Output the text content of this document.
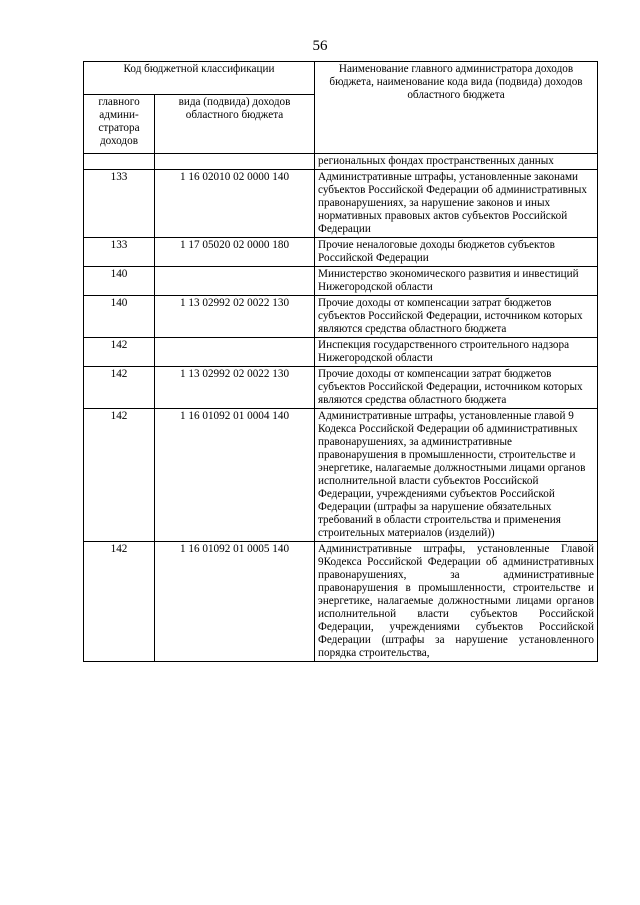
56
Код бюджетной классификации		Наименование главного администратора доходов бюджета, наименование кода вида (подвида) доходов областного бюджета
главного админи-стратора доходов	вида (подвида) доходов областного бюджета	
		региональных фондах пространственных данных
133	1 16 02010 02 0000 140	Административные штрафы, установленные законами субъектов Российской Федерации об административных правонарушениях, за нарушение законов и иных нормативных правовых актов субъектов Российской Федерации
133	1 17 05020 02 0000 180	Прочие неналоговые доходы бюджетов субъектов Российской Федерации
140		Министерство экономического развития и инвестиций Нижегородской области
140	1 13 02992 02 0022 130	Прочие доходы от компенсации затрат бюджетов субъектов Российской Федерации, источником которых являются средства областного бюджета
142		Инспекция государственного строительного надзора Нижегородской области
142	1 13 02992 02 0022 130	Прочие доходы от компенсации затрат бюджетов субъектов Российской Федерации, источником которых являются средства областного бюджета
142	1 16 01092 01 0004 140	Административные штрафы, установленные главой 9 Кодекса Российской Федерации об административных правонарушениях, за административные правонарушения в промышленности, строительстве и энергетике, налагаемые должностными лицами органов исполнительной власти субъектов Российской Федерации, учреждениями субъектов Российской Федерации (штрафы за нарушение обязательных требований в области строительства и применения строительных материалов (изделий))
142	1 16 01092 01 0005 140	Административные штрафы, установленные Главой 9Кодекса Российской Федерации об административных правонарушениях, за административные правонарушения в промышленности, строительстве и энергетике, налагаемые должностными лицами органов исполнительной власти субъектов Российской Федерации, учреждениями субъектов Российской Федерации (штрафы за нарушение установленного порядка строительства,
